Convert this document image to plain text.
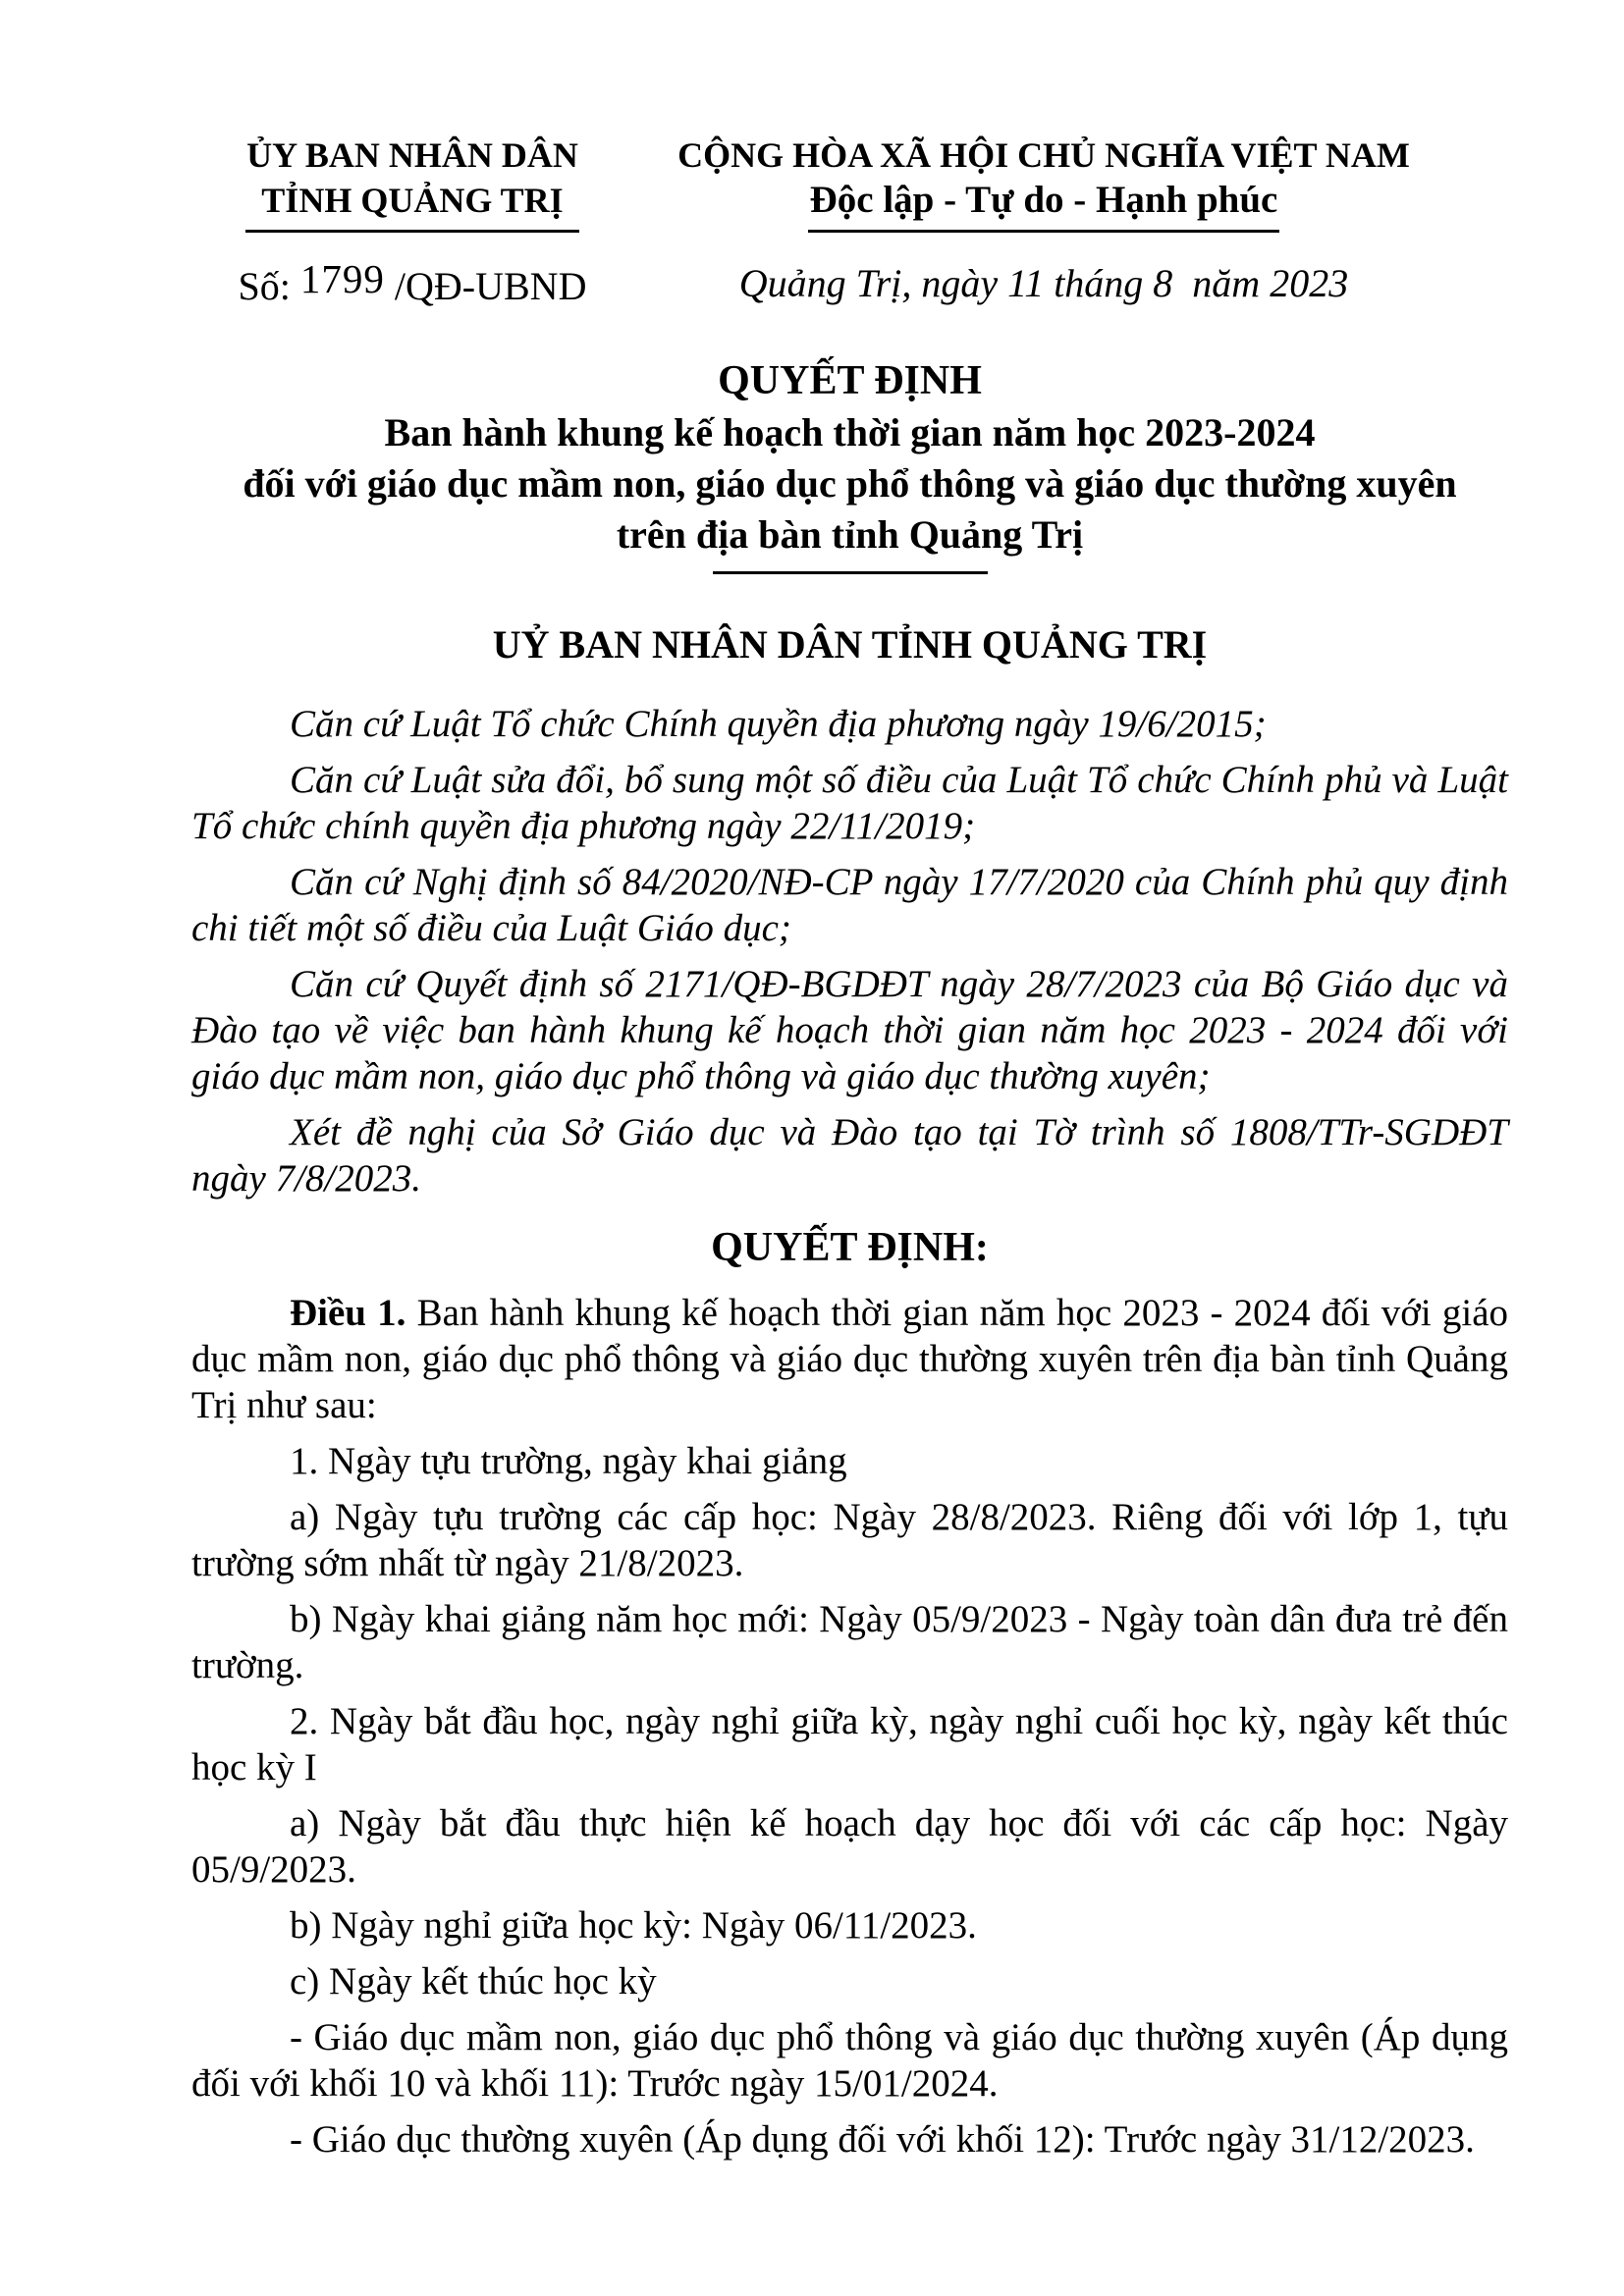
ỦY BAN NHÂN DÂN
TỈNH QUẢNG TRỊ
Số: 1799 /QĐ-UBND
CỘNG HÒA XÃ HỘI CHỦ NGHĨA VIỆT NAM
Độc lập - Tự do - Hạnh phúc
Quảng Trị, ngày 11 tháng 8  năm 2023
QUYẾT ĐỊNH
Ban hành khung kế hoạch thời gian năm học 2023-2024
đối với giáo dục mầm non, giáo dục phổ thông và giáo dục thường xuyên
trên địa bàn tỉnh Quảng Trị
UỶ BAN NHÂN DÂN TỈNH QUẢNG TRỊ

Căn cứ Luật Tổ chức Chính quyền địa phương ngày 19/6/2015;

Căn cứ Luật sửa đổi, bổ sung một số điều của Luật Tổ chức Chính phủ và Luật Tổ chức chính quyền địa phương ngày 22/11/2019;

Căn cứ Nghị định số 84/2020/NĐ-CP ngày 17/7/2020 của Chính phủ quy định chi tiết một số điều của Luật Giáo dục;

Căn cứ Quyết định số 2171/QĐ-BGDĐT ngày 28/7/2023 của Bộ Giáo dục và Đào tạo về việc ban hành khung kế hoạch thời gian năm học 2023 - 2024 đối với giáo dục mầm non, giáo dục phổ thông và giáo dục thường xuyên;

Xét đề nghị của Sở Giáo dục và Đào tạo tại Tờ trình số 1808/TTr-SGDĐT ngày 7/8/2023.

QUYẾT ĐỊNH:

Điều 1. Ban hành khung kế hoạch thời gian năm học 2023 - 2024 đối với giáo dục mầm non, giáo dục phổ thông và giáo dục thường xuyên trên địa bàn tỉnh Quảng Trị như sau:

1. Ngày tựu trường, ngày khai giảng

a) Ngày tựu trường các cấp học: Ngày 28/8/2023. Riêng đối với lớp 1, tựu trường sớm nhất từ ngày 21/8/2023.

b) Ngày khai giảng năm học mới: Ngày 05/9/2023 - Ngày toàn dân đưa trẻ đến trường.

2. Ngày bắt đầu học, ngày nghỉ giữa kỳ, ngày nghỉ cuối học kỳ, ngày kết thúc học kỳ I

a) Ngày bắt đầu thực hiện kế hoạch dạy học đối với các cấp học: Ngày 05/9/2023.

b) Ngày nghỉ giữa học kỳ: Ngày 06/11/2023.

c) Ngày kết thúc học kỳ

- Giáo dục mầm non, giáo dục phổ thông và giáo dục thường xuyên (Áp dụng đối với khối 10 và khối 11): Trước ngày 15/01/2024.

- Giáo dục thường xuyên (Áp dụng đối với khối 12): Trước ngày 31/12/2023.
